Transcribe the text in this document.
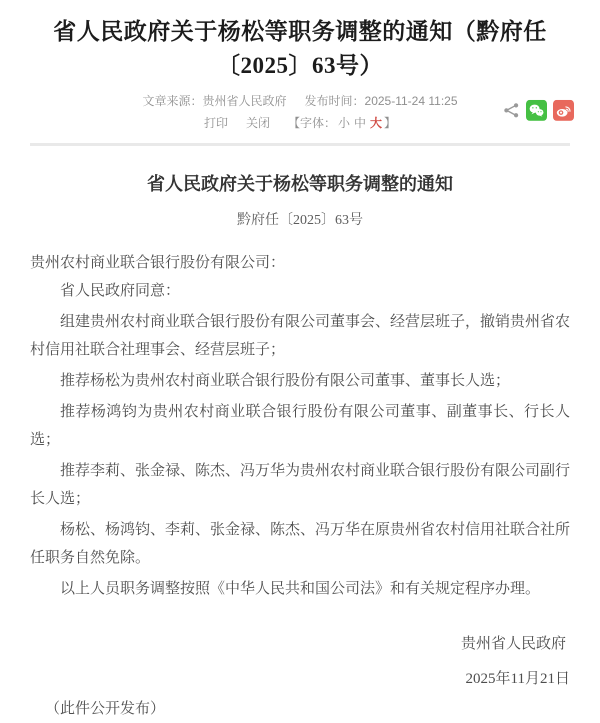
省人民政府关于杨松等职务调整的通知（黔府任〔2025〕63号）
文章来源：贵州省人民政府 发布时间：2025-11-24 11:25
打印 关闭 【字体： 小 中 大 】
省人民政府关于杨松等职务调整的通知

黔府任〔2025〕63号

贵州农村商业联合银行股份有限公司：

省人民政府同意：

组建贵州农村商业联合银行股份有限公司董事会、经营层班子，撤销贵州省农村信用社联合社理事会、经营层班子；

推荐杨松为贵州农村商业联合银行股份有限公司董事、董事长人选；

推荐杨鸿钧为贵州农村商业联合银行股份有限公司董事、副董事长、行长人选；

推荐李莉、张金禄、陈杰、冯万华为贵州农村商业联合银行股份有限公司副行长人选；

杨松、杨鸿钧、李莉、张金禄、陈杰、冯万华在原贵州省农村信用社联合社所任职务自然免除。

以上人员职务调整按照《中华人民共和国公司法》和有关规定程序办理。

贵州省人民政府

2025年11月21日

（此件公开发布）
